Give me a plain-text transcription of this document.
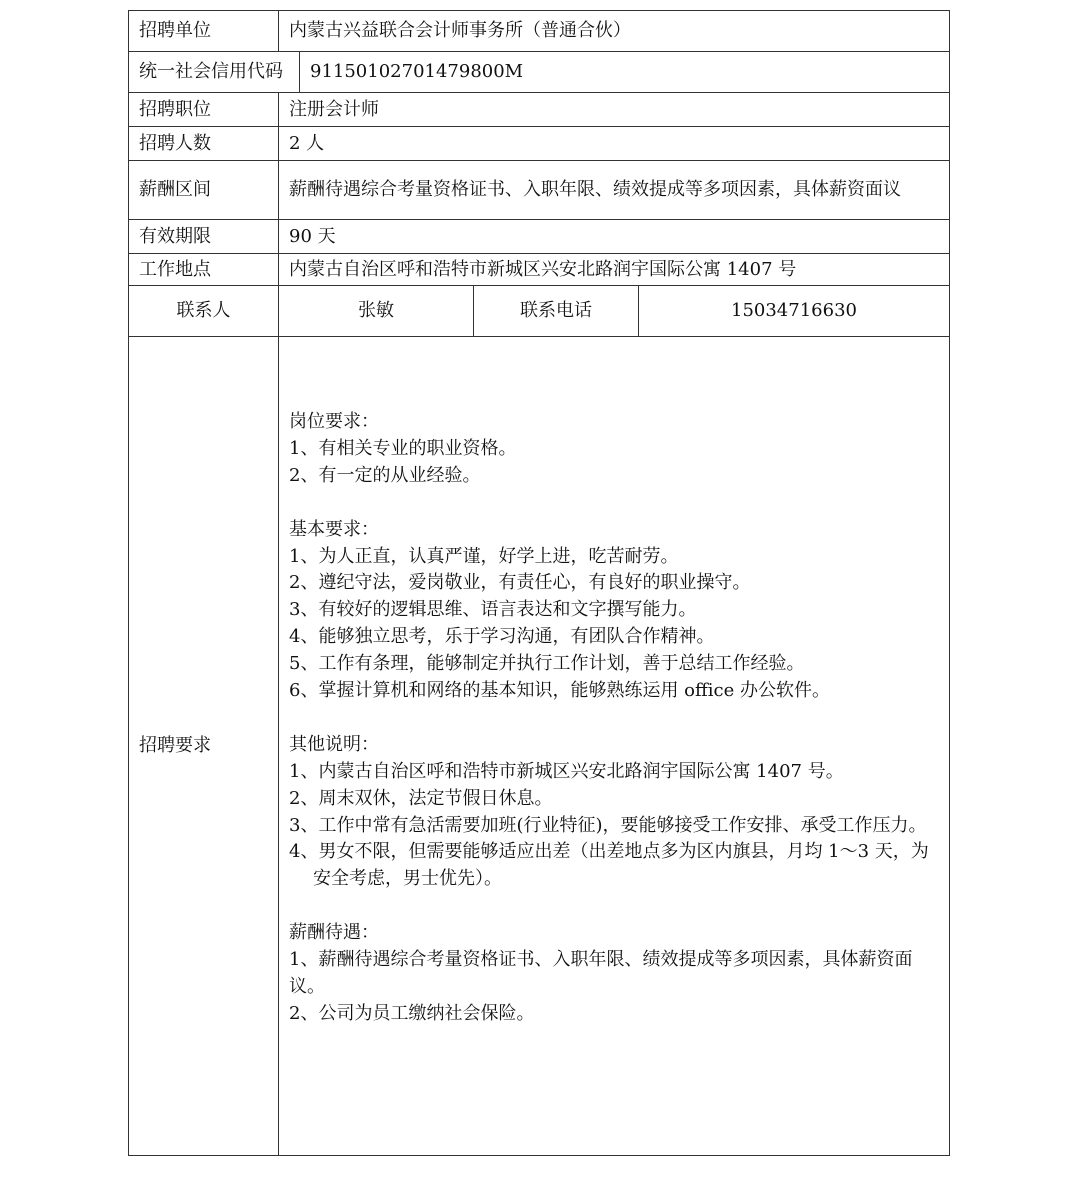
招聘单位	内蒙古兴益联合会计师事务所（普通合伙）

统一社会信用代码	91150102701479800M

招聘职位	注册会计师
招聘人数	2 人
薪酬区间	薪酬待遇综合考量资格证书、入职年限、绩效提成等多项因素，具体薪资面议
有效期限	90 天
工作地点	内蒙古自治区呼和浩特市新城区兴安北路润宇国际公寓 1407 号
联系人		张敏	联系电话	15034716630

招聘要求	

岗位要求：

1、有相关专业的职业资格。

2、有一定的从业经验。

基本要求：

1、为人正直，认真严谨，好学上进，吃苦耐劳。

2、遵纪守法，爱岗敬业，有责任心，有良好的职业操守。

3、有较好的逻辑思维、语言表达和文字撰写能力。

4、能够独立思考，乐于学习沟通，有团队合作精神。

5、工作有条理，能够制定并执行工作计划，善于总结工作经验。

6、掌握计算机和网络的基本知识，能够熟练运用 office 办公软件。

其他说明：

1、内蒙古自治区呼和浩特市新城区兴安北路润宇国际公寓 1407 号。

2、周末双休，法定节假日休息。

3、工作中常有急活需要加班(行业特征)，要能够接受工作安排、承受工作压力。

4、男女不限，但需要能够适应出差（出差地点多为区内旗县，月均 1～3 天，为安全考虑，男士优先）。

薪酬待遇：

1、薪酬待遇综合考量资格证书、入职年限、绩效提成等多项因素，具体薪资面议。

2、公司为员工缴纳社会保险。
